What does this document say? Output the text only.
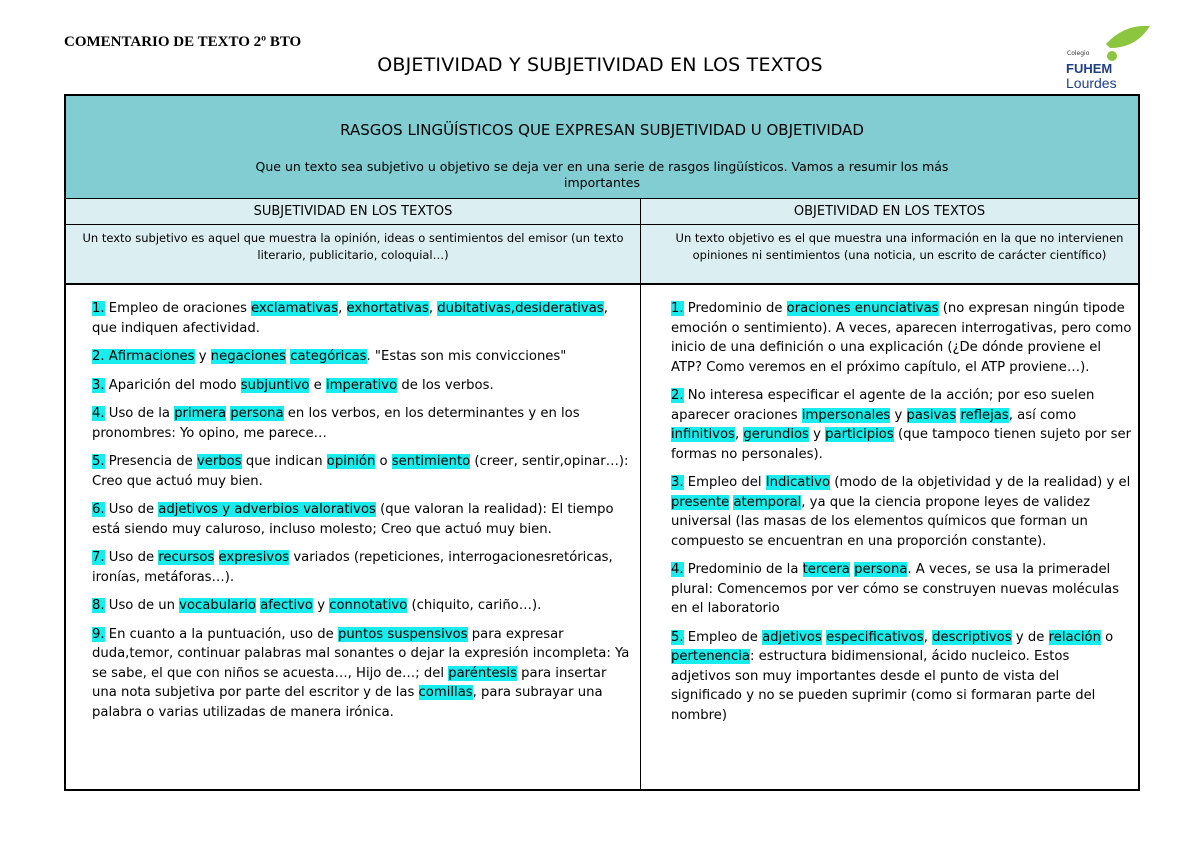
COMENTARIO DE TEXTO 2º BTO
OBJETIVIDAD Y SUBJETIVIDAD EN LOS TEXTOS
Colegio
FUHEM
Lourdes
RASGOS LINGÜÍSTICOS QUE EXPRESAN SUBJETIVIDAD U OBJETIVIDAD
Que un texto sea subjetivo u objetivo se deja ver en una serie de rasgos lingüísticos. Vamos a resumir los más importantes
SUBJETIVIDAD EN LOS TEXTOS	OBJETIVIDAD EN LOS TEXTOS
Un texto subjetivo es aquel que muestra la opinión, ideas o sentimientos del emisor (un texto literario, publicitario, coloquial…)
Un texto objetivo es el que muestra una información en la que no intervienen opiniones ni sentimientos (una noticia, un escrito de carácter científico)
1. Empleo de oraciones exclamativas, exhortativas, dubitativas,desiderativas, que indiquen afectividad.
2. Afirmaciones y negaciones categóricas. "Estas son mis convicciones"
3. Aparición del modo subjuntivo e imperativo de los verbos.
4. Uso de la primera persona en los verbos, en los determinantes y en los pronombres: Yo opino, me parece…
5. Presencia de verbos que indican opinión o sentimiento (creer, sentir,opinar…): Creo que actuó muy bien.
6. Uso de adjetivos y adverbios valorativos (que valoran la realidad): El tiempo está siendo muy caluroso, incluso molesto; Creo que actuó muy bien.
7. Uso de recursos expresivos variados (repeticiones, interrogacionesretóricas, ironías, metáforas…).
8. Uso de un vocabulario afectivo y connotativo (chiquito, cariño…).
9. En cuanto a la puntuación, uso de puntos suspensivos para expresar duda,temor, continuar palabras mal sonantes o dejar la expresión incompleta: Ya se sabe, el que con niños se acuesta…, Hijo de…; del paréntesis para insertar una nota subjetiva por parte del escritor y de las comillas, para subrayar una palabra o varias utilizadas de manera irónica.
1. Predominio de oraciones enunciativas (no expresan ningún tipode emoción o sentimiento). A veces, aparecen interrogativas, pero como inicio de una definición o una explicación (¿De dónde proviene el ATP? Como veremos en el próximo capítulo, el ATP proviene…).
2. No interesa especificar el agente de la acción; por eso suelen aparecer oraciones impersonales y pasivas reflejas, así como infinitivos, gerundios y participios (que tampoco tienen sujeto por ser formas no personales).
3. Empleo del Indicativo (modo de la objetividad y de la realidad) y el presente atemporal, ya que la ciencia propone leyes de validez universal (las masas de los elementos químicos que forman un compuesto se encuentran en una proporción constante).
4. Predominio de la tercera persona. A veces, se usa la primeradel plural: Comencemos por ver cómo se construyen nuevas moléculas en el laboratorio
5. Empleo de adjetivos especificativos, descriptivos y de relación o pertenencia: estructura bidimensional, ácido nucleico. Estos adjetivos son muy importantes desde el punto de vista del significado y no se pueden suprimir (como si formaran parte del nombre)
